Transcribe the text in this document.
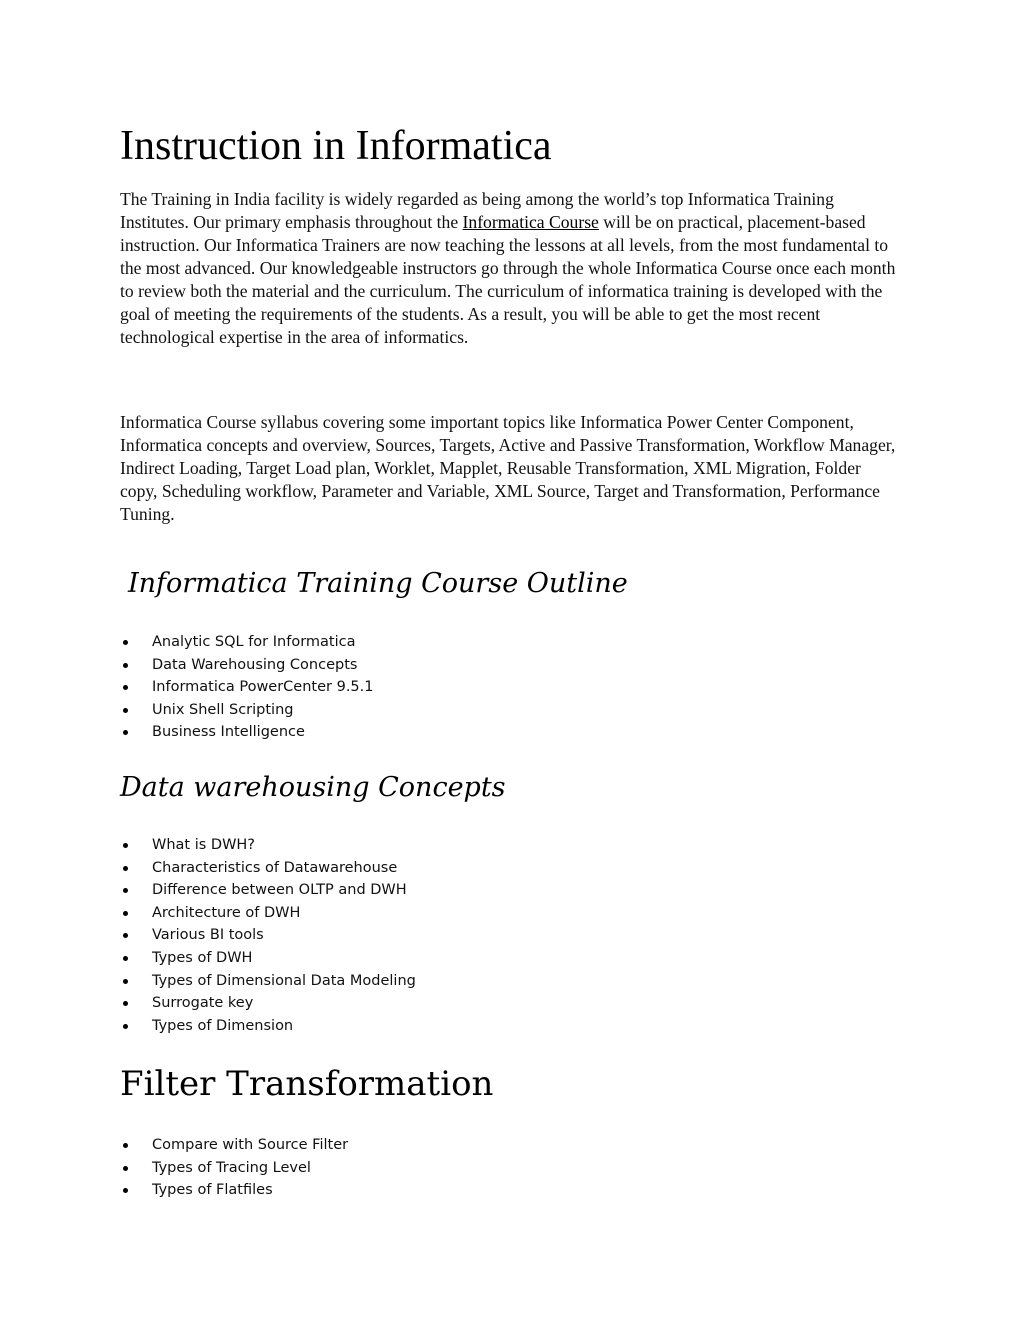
Instruction in Informatica

The Training in India facility is widely regarded as being among the world’s top Informatica Training Institutes. Our primary emphasis throughout the Informatica Course will be on practical, placement-based instruction. Our Informatica Trainers are now teaching the lessons at all levels, from the most fundamental to the most advanced. Our knowledgeable instructors go through the whole Informatica Course once each month to review both the material and the curriculum. The curriculum of informatica training is developed with the goal of meeting the requirements of the students. As a result, you will be able to get the most recent technological expertise in the area of informatics.

Informatica Course syllabus covering some important topics like Informatica Power Center Component, Informatica concepts and overview, Sources, Targets, Active and Passive Transformation, Workflow Manager, Indirect Loading, Target Load plan, Worklet, Mapplet, Reusable Transformation, XML Migration, Folder copy, Scheduling workflow, Parameter and Variable, XML Source, Target and Transformation, Performance Tuning.

Informatica Training Course Outline
Analytic SQL for Informatica
Data Warehousing Concepts
Informatica PowerCenter 9.5.1
Unix Shell Scripting
Business Intelligence
Data warehousing Concepts
What is DWH?
Characteristics of Datawarehouse
Difference between OLTP and DWH
Architecture of DWH
Various BI tools
Types of DWH
Types of Dimensional Data Modeling
Surrogate key
Types of Dimension
Filter Transformation
Compare with Source Filter
Types of Tracing Level
Types of Flatfiles
